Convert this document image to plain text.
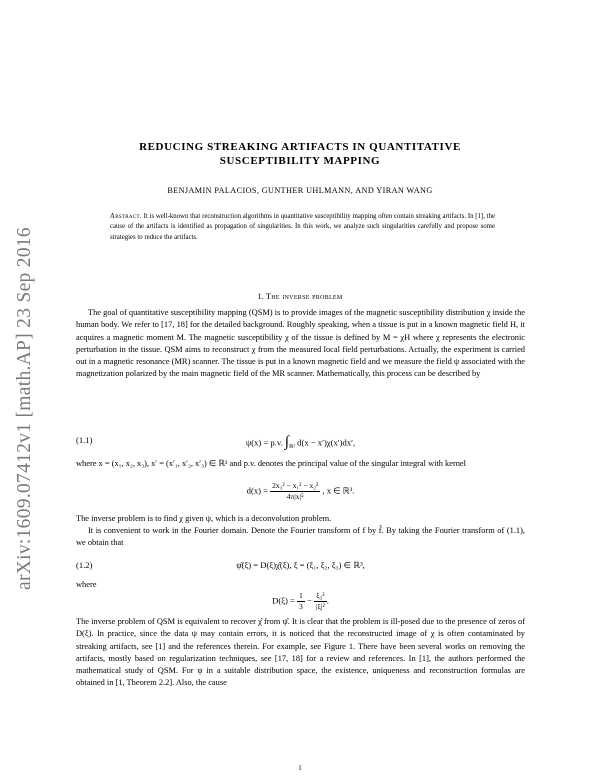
arXiv:1609.07412v1 [math.AP] 23 Sep 2016
REDUCING STREAKING ARTIFACTS IN QUANTITATIVE
SUSCEPTIBILITY MAPPING
BENJAMIN PALACIOS, GUNTHER UHLMANN, AND YIRAN WANG
Abstract. It is well-known that reconstruction algorithms in quantitative susceptibility mapping often contain streaking artifacts. In [1], the cause of the artifacts is identified as propagation of singularities. In this work, we analyze such singularities carefully and propose some strategies to reduce the artifacts.
1. The inverse problem
The goal of quantitative susceptibility mapping (QSM) is to provide images of the magnetic susceptibility distribution χ inside the human body. We refer to [17, 18] for the detailed background. Roughly speaking, when a tissue is put in a known magnetic field H, it acquires a magnetic moment M. The magnetic susceptibility χ of the tissue is defined by M = χH where χ represents the electronic perturbation in the tissue. QSM aims to reconstruct χ from the measured local field perturbations. Actually, the experiment is carried out in a magnetic resonance (MR) scanner. The tissue is put in a known magnetic field and we measure the field ψ associated with the magnetization polarized by the main magnetic field of the MR scanner. Mathematically, this process can be described by
(1.1)	ψ(x) = p.v. $\int_{ℝ^3}$ d(x − x′)χ(x′)dx′,
where x = (x₁, x₂, x₃), x′ = (x′₁, x′₂, x′₃) ∈ ℝ³ and p.v. denotes the principal value of the singular integral with kernel
$d(x) = \frac{\text{2x₃² − x₁² − x₂²}}{\text{4π|x|⁵}}$ , x ∈ ℝ³.
The inverse problem is to find χ given ψ, which is a deconvolution problem.
It is convenient to work in the Fourier domain. Denote the Fourier transform of f by f̂. By taking the Fourier transform of (1.1), we obtain that
(1.2)	ψ̂(ξ) = D(ξ)χ̂(ξ), ξ = (ξ₁, ξ₂, ξ₃) ∈ ℝ³,
where
$D(\xi) = \frac{1}{3} - \frac{\text{ξ₃²}}{\text{|ξ|²}}$ .
The inverse problem of QSM is equivalent to recover χ̂ from ψ̂. It is clear that the problem is ill-posed due to the presence of zeros of D(ξ). In practice, since the data ψ may contain errors, it is noticed that the reconstructed image of χ is often contaminated by streaking artifacts, see [1] and the references therein. For example, see Figure 1. There have been several works on removing the artifacts, mostly based on regularization techniques, see [17, 18] for a review and references. In [1], the authors performed the mathematical study of QSM. For ψ in a suitable distribution space, the existence, uniqueness and reconstruction formulas are obtained in [1, Theorem 2.2]. Also, the cause
1
